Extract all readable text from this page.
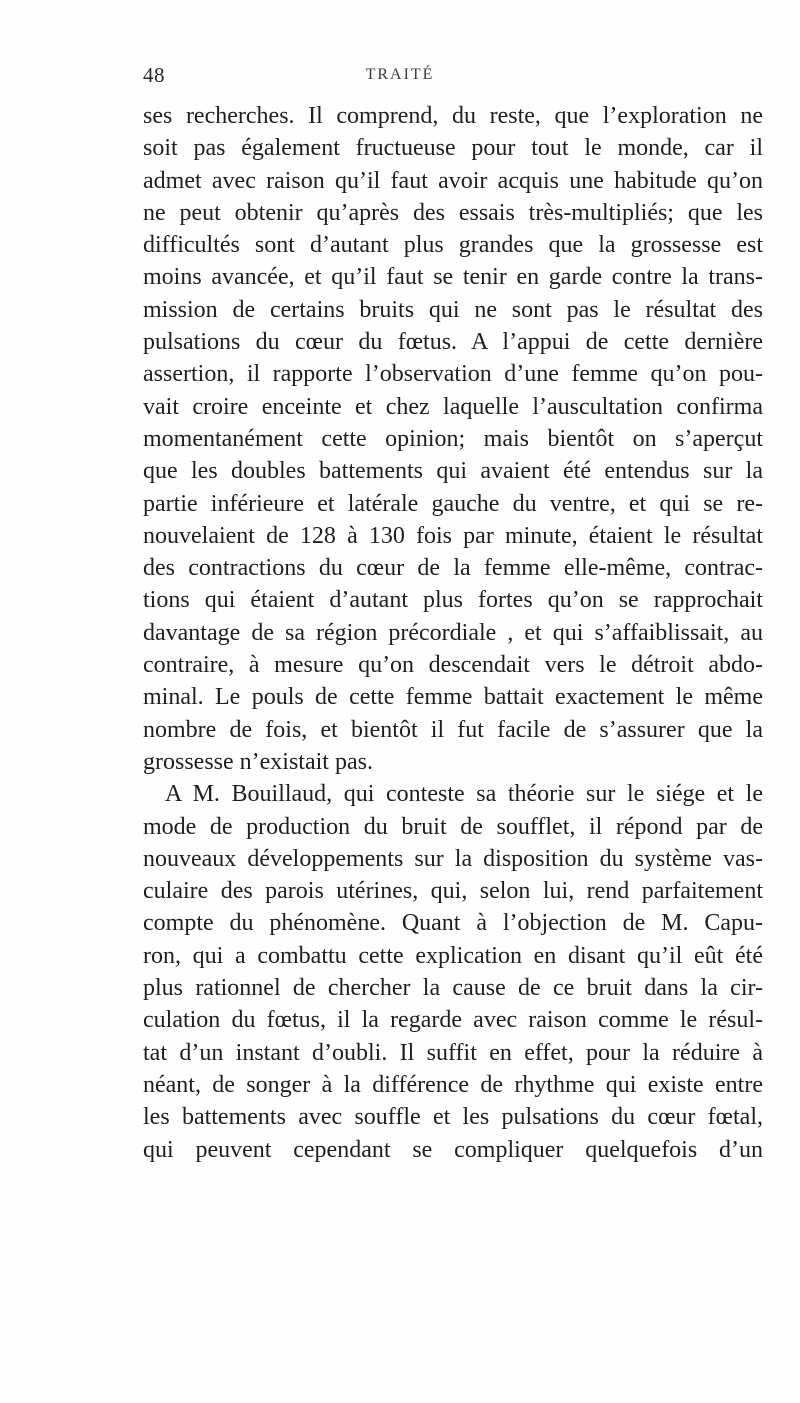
48	TRAITÉ
ses recherches. Il comprend, du reste, que l’exploration ne
soit pas également fructueuse pour tout le monde, car il
admet avec raison qu’il faut avoir acquis une habitude qu’on
ne peut obtenir qu’après des essais très-multipliés; que les
difficultés sont d’autant plus grandes que la grossesse est
moins avancée, et qu’il faut se tenir en garde contre la trans-
mission de certains bruits qui ne sont pas le résultat des
pulsations du cœur du fœtus. A l’appui de cette dernière
assertion, il rapporte l’observation d’une femme qu’on pou-
vait croire enceinte et chez laquelle l’auscultation confirma
momentanément cette opinion; mais bientôt on s’aperçut
que les doubles battements qui avaient été entendus sur la
partie inférieure et latérale gauche du ventre, et qui se re-
nouvelaient de 128 à 130 fois par minute, étaient le résultat
des contractions du cœur de la femme elle-même, contrac-
tions qui étaient d’autant plus fortes qu’on se rapprochait
davantage de sa région précordiale , et qui s’affaiblissait, au
contraire, à mesure qu’on descendait vers le détroit abdo-
minal. Le pouls de cette femme battait exactement le même
nombre de fois, et bientôt il fut facile de s’assurer que la
grossesse n’existait pas.
A M. Bouillaud, qui conteste sa théorie sur le siége et le
mode de production du bruit de soufflet, il répond par de
nouveaux développements sur la disposition du système vas-
culaire des parois utérines, qui, selon lui, rend parfaitement
compte du phénomène. Quant à l’objection de M. Capu-
ron, qui a combattu cette explication en disant qu’il eût été
plus rationnel de chercher la cause de ce bruit dans la cir-
culation du fœtus, il la regarde avec raison comme le résul-
tat d’un instant d’oubli. Il suffit en effet, pour la réduire à
néant, de songer à la différence de rhythme qui existe entre
les battements avec souffle et les pulsations du cœur fœtal,
qui peuvent cependant se compliquer quelquefois d’un
